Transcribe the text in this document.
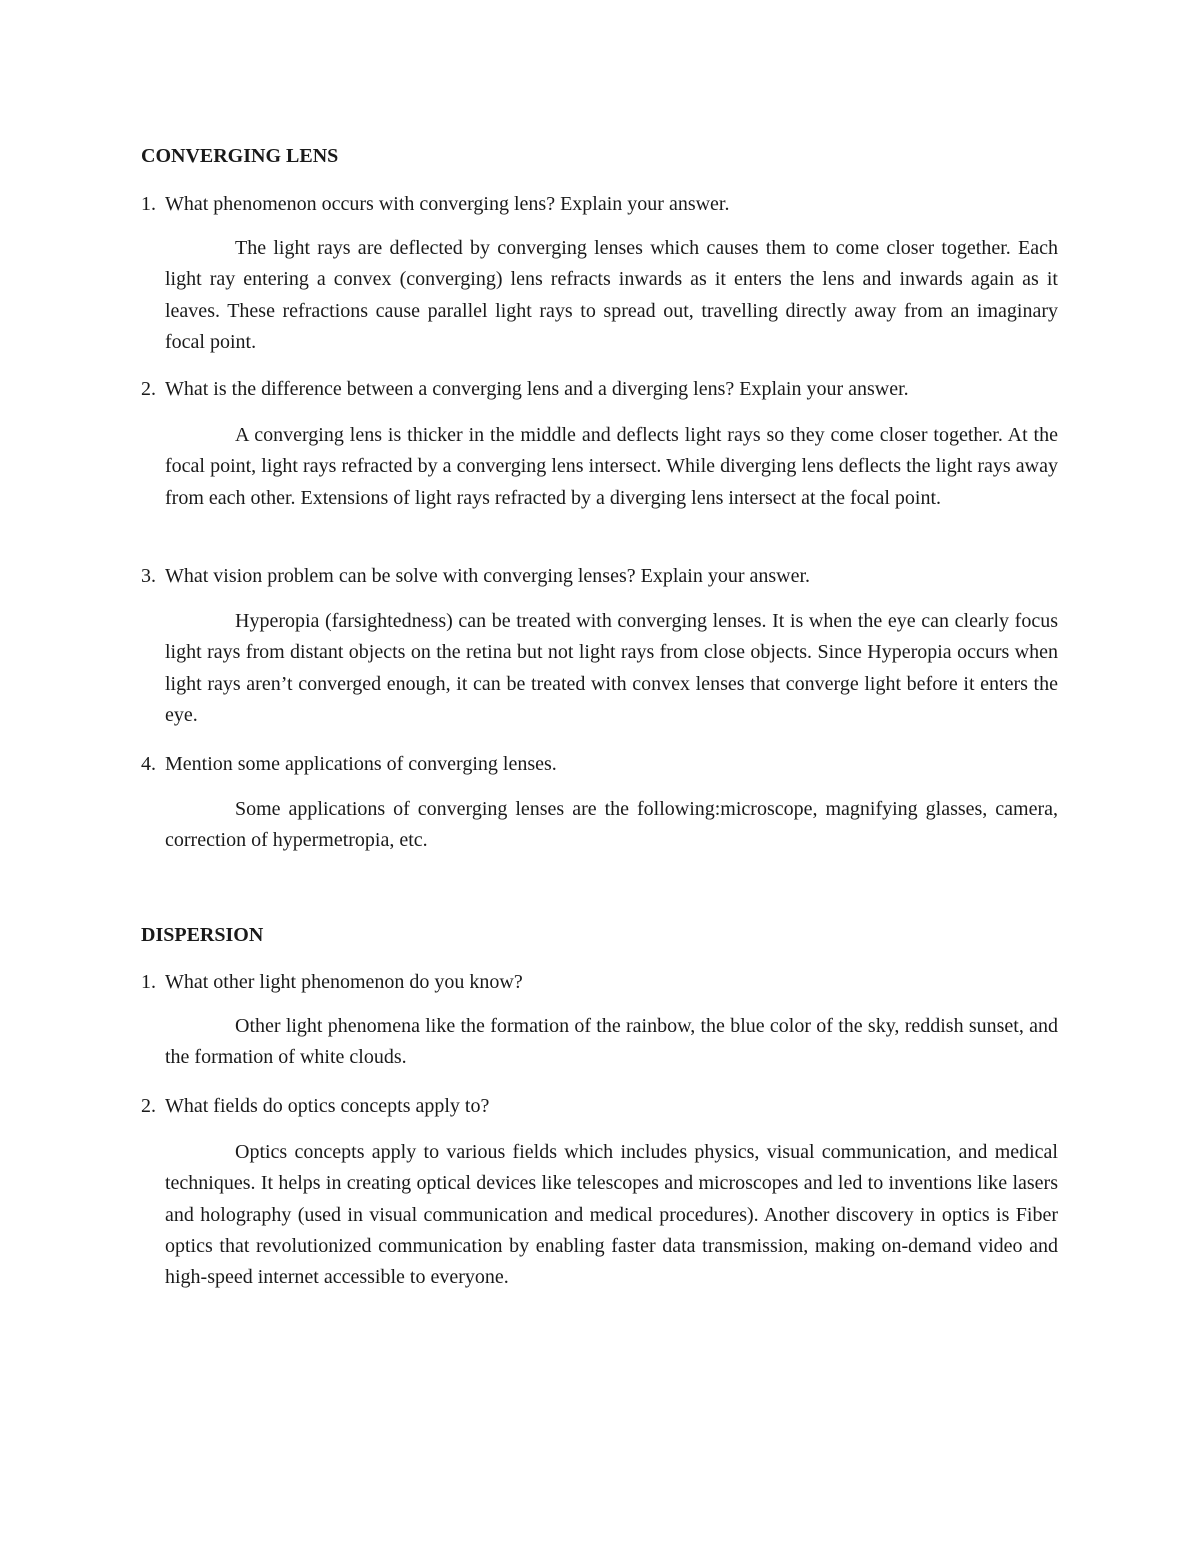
CONVERGING LENS

1. What phenomenon occurs with converging lens? Explain your answer.

The light rays are deflected by converging lenses which causes them to come closer together. Each light ray entering a convex (converging) lens refracts inwards as it enters the lens and inwards again as it leaves. These refractions cause parallel light rays to spread out, travelling directly away from an imaginary focal point.

2. What is the difference between a converging lens and a diverging lens? Explain your answer.

A converging lens is thicker in the middle and deflects light rays so they come closer together. At the focal point, light rays refracted by a converging lens intersect. While diverging lens deflects the light rays away from each other. Extensions of light rays refracted by a diverging lens intersect at the focal point.

3. What vision problem can be solve with converging lenses? Explain your answer.

Hyperopia (farsightedness) can be treated with converging lenses. It is when the eye can clearly focus light rays from distant objects on the retina but not light rays from close objects. Since Hyperopia occurs when light rays aren’t converged enough, it can be treated with convex lenses that converge light before it enters the eye.

4. Mention some applications of converging lenses.

Some applications of converging lenses are the following:microscope, magnifying glasses, camera, correction of hypermetropia, etc.

DISPERSION

1. What other light phenomenon do you know?

Other light phenomena like the formation of the rainbow, the blue color of the sky, reddish sunset, and the formation of white clouds.

2. What fields do optics concepts apply to?

Optics concepts apply to various fields which includes physics, visual communication, and medical techniques. It helps in creating optical devices like telescopes and microscopes and led to inventions like lasers and holography (used in visual communication and medical procedures). Another discovery in optics is Fiber optics that revolutionized communication by enabling faster data transmission, making on-demand video and high-speed internet accessible to everyone.
